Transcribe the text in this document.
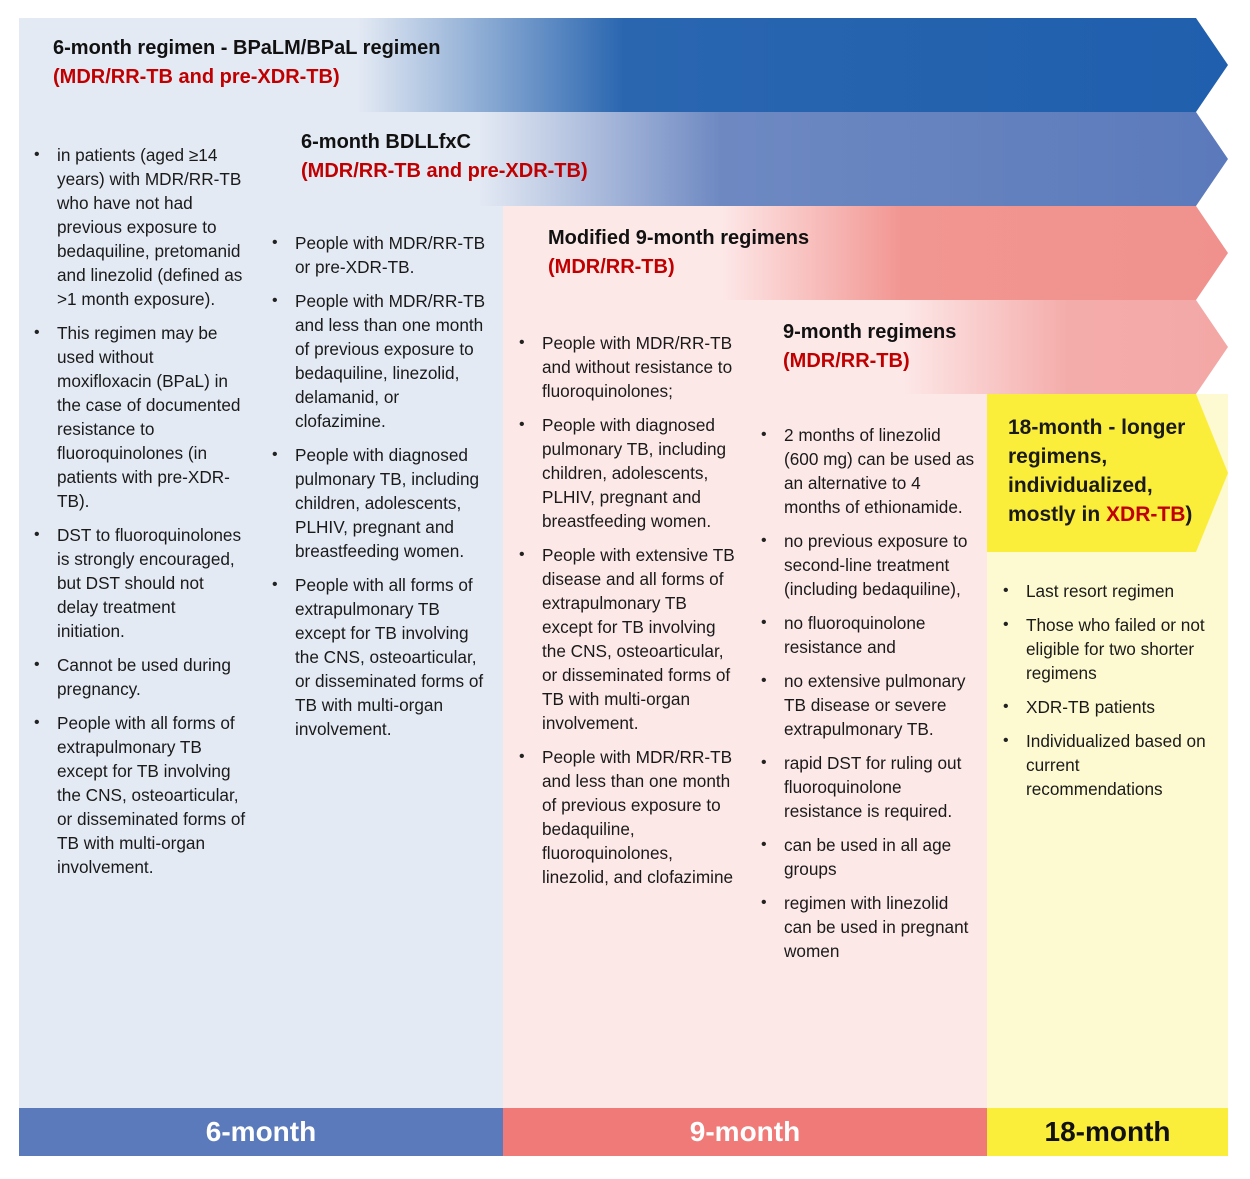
6-month regimen - BPaLM/BPaL regimen
(MDR/RR-TB and pre-XDR-TB)
6-month BDLLfxC
(MDR/RR-TB and pre-XDR-TB)
Modified 9-month regimens
(MDR/RR-TB)
9-month regimens
(MDR/RR-TB)
18-month - longer regimens, individualized, mostly in XDR-TB)
• in patients (aged ≥14 years) with MDR/RR-TB who have not had previous exposure to bedaquiline, pretomanid and linezolid (defined as >1 month exposure).
• This regimen may be used without moxifloxacin (BPaL) in the case of documented resistance to fluoroquinolones (in patients with pre-XDR-TB).
• DST to fluoroquinolones is strongly encouraged, but DST should not delay treatment initiation.
• Cannot be used during pregnancy.
• People with all forms of extrapulmonary TB except for TB involving the CNS, osteoarticular, or disseminated forms of TB with multi-organ involvement.
• People with MDR/RR-TB or pre-XDR-TB.
• People with MDR/RR-TB and less than one month of previous exposure to bedaquiline, linezolid, delamanid, or clofazimine.
• People with diagnosed pulmonary TB, including children, adolescents, PLHIV, pregnant and breastfeeding women.
• People with all forms of extrapulmonary TB except for TB involving the CNS, osteoarticular, or disseminated forms of TB with multi-organ involvement.
• People with MDR/RR-TB and without resistance to fluoroquinolones;
• People with diagnosed pulmonary TB, including children, adolescents, PLHIV, pregnant and breastfeeding women.
• People with extensive TB disease and all forms of extrapulmonary TB except for TB involving the CNS, osteoarticular, or disseminated forms of TB with multi-organ involvement.
• People with MDR/RR-TB and less than one month of previous exposure to bedaquiline, fluoroquinolones, linezolid, and clofazimine
• 2 months of linezolid (600 mg) can be used as an alternative to 4 months of ethionamide.
• no previous exposure to second-line treatment (including bedaquiline),
• no fluoroquinolone resistance and
• no extensive pulmonary TB disease or severe extrapulmonary TB.
• rapid DST for ruling out fluoroquinolone resistance is required.
• can be used in all age groups
• regimen with linezolid can be used in pregnant women
• Last resort regimen
• Those who failed or not eligible for two shorter regimens
• XDR-TB patients
• Individualized based on current recommendations
6-month	9-month	18-month
